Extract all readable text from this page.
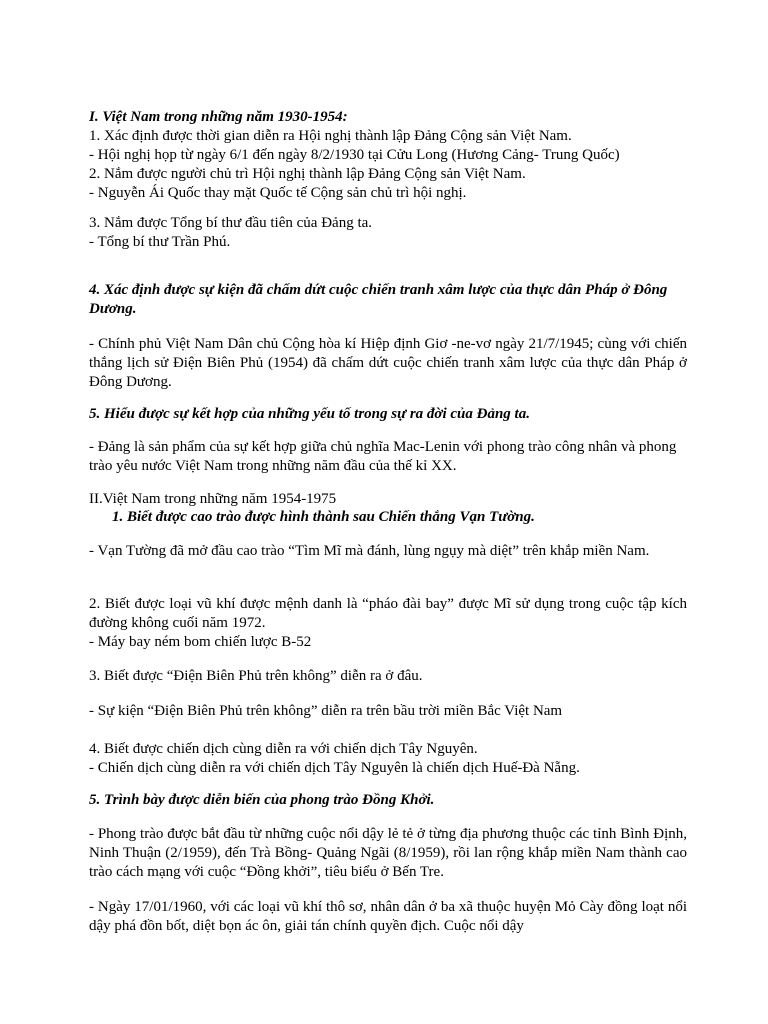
I. Việt Nam trong những năm 1930-1954:

1. Xác định được thời gian diễn ra Hội nghị thành lập Đảng Cộng sản Việt Nam.

- Hội nghị họp từ ngày 6/1 đến ngày 8/2/1930 tại Cửu Long (Hương Cảng- Trung Quốc)

2. Nắm được người chủ trì Hội nghị thành lập Đảng Cộng sản Việt Nam.

- Nguyễn Ái Quốc thay mặt Quốc tế Cộng sản chủ trì hội nghị.

3. Nắm được Tổng bí thư đầu tiên của Đảng ta.

- Tổng bí thư Trần Phú.

4. Xác định được sự kiện đã chấm dứt cuộc chiến tranh xâm lược của thực dân Pháp ở Đông Dương.

- Chính phủ Việt Nam Dân chủ Cộng hòa kí Hiệp định Giơ -ne-vơ ngày 21/7/1945; cùng với chiến thắng lịch sử Điện Biên Phủ (1954) đã chấm dứt cuộc chiến tranh xâm lược của thực dân Pháp ở Đông Dương.

5. Hiểu được sự kết hợp của những yếu tố trong sự ra đời của Đảng ta.

- Đảng là sản phẩm của sự kết hợp giữa chủ nghĩa Mac-Lenin với phong trào công nhân và phong trào yêu nước Việt Nam trong những năm đầu của thế kỉ XX.

II.Việt Nam trong những năm 1954-1975

1. Biết được cao trào được hình thành sau Chiến thắng Vạn Tường.

- Vạn Tường đã mở đầu cao trào “Tìm Mĩ mà đánh, lùng ngụy mà diệt” trên khắp miền Nam.

2. Biết được loại vũ khí được mệnh danh là “pháo đài bay” được Mĩ sử dụng trong cuộc tập kích đường không cuối năm 1972.

- Máy bay ném bom chiến lược B-52

3. Biết được “Điện Biên Phủ trên không” diễn ra ở đâu.

- Sự kiện “Điện Biên Phủ trên không” diễn ra trên bầu trời miền Bắc Việt Nam

4. Biết được chiến dịch cùng diễn ra với chiến dịch Tây Nguyên.

- Chiến dịch cùng diễn ra với chiến dịch Tây Nguyên là chiến dịch Huế-Đà Nẵng.

5. Trình bày được diễn biến của phong trào Đồng Khởi.

- Phong trào được bắt đầu từ những cuộc nổi dậy lẻ tẻ ở từng địa phương thuộc các tỉnh Bình Định, Ninh Thuận (2/1959), đến Trà Bồng- Quảng Ngãi (8/1959), rồi lan rộng khắp miền Nam thành cao trào cách mạng với cuộc “Đồng khởi”, tiêu biểu ở Bến Tre.

- Ngày 17/01/1960, với các loại vũ khí thô sơ, nhân dân ở ba xã thuộc huyện Mỏ Cày đồng loạt nổi dậy phá đồn bốt, diệt bọn ác ôn, giải tán chính quyền địch. Cuộc nổi dậy
